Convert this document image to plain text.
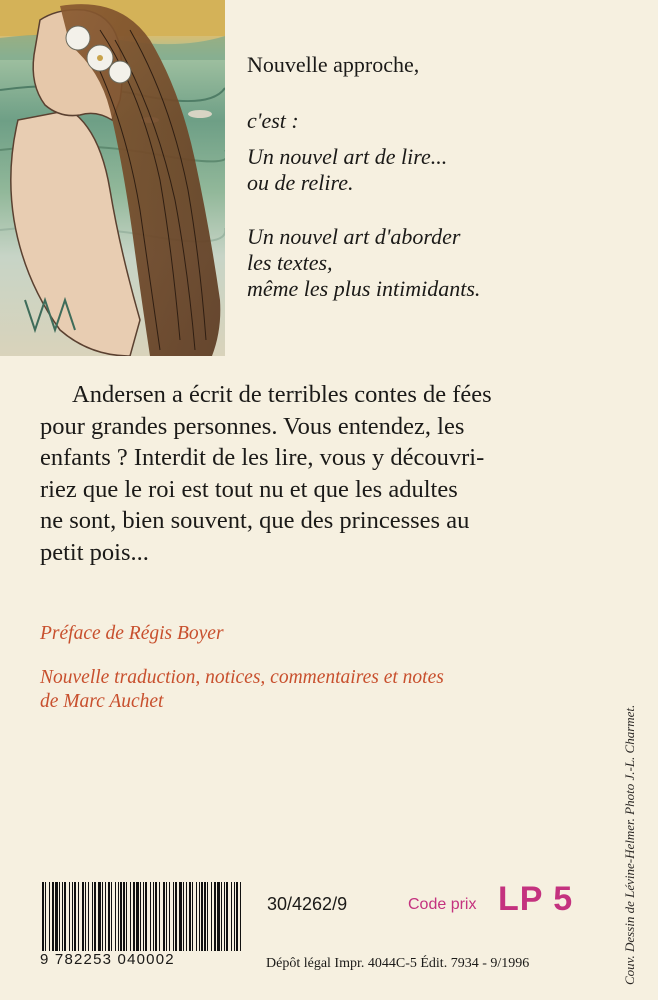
Nouvelle approche,
c'est :
Un nouvel art de lire...
ou de relire.
Un nouvel art d'aborder
les textes,
même les plus intimidants.
Andersen a écrit de terribles contes de fées
pour grandes personnes. Vous entendez, les
enfants ? Interdit de les lire, vous y découvri-
riez que le roi est tout nu et que les adultes
ne sont, bien souvent, que des princesses au
petit pois...
Préface de Régis Boyer
Nouvelle traduction, notices, commentaires et notes
de Marc Auchet
Couv. Dessin de Lévine-Helmer. Photo J.-L. Charmet.
9 782253 040002
30/4262/9	Code prix LP 5
Dépôt légal Impr. 4044C-5 Édit. 7934 - 9/1996
